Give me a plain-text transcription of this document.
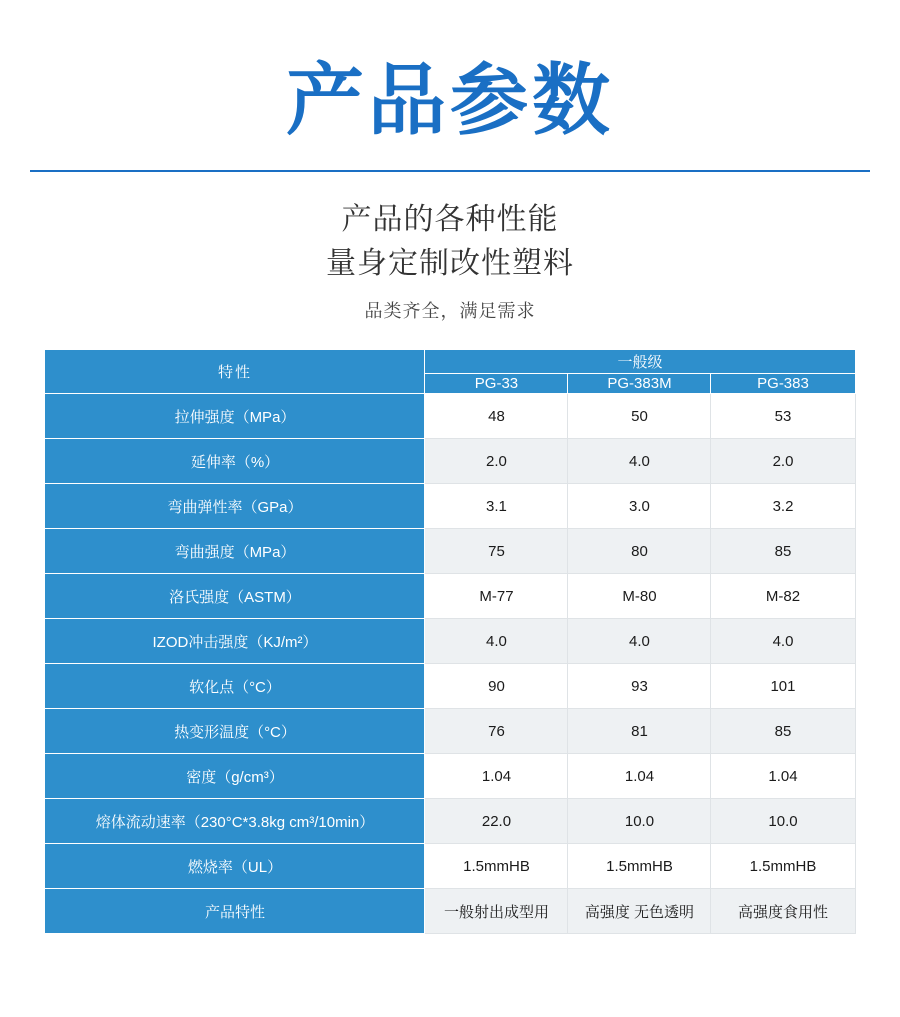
产品参数
产品的各种性能
量身定制改性塑料
品类齐全，满足需求
特性	一般级		
	PG-33	PG-383M	PG-383
拉伸强度（MPa）	48	50	53
延伸率（%）	2.0	4.0	2.0
弯曲弹性率（GPa）	3.1	3.0	3.2
弯曲强度（MPa）	75	80	85
洛氏强度（ASTM）	M-77	M-80	M-82
IZOD冲击强度（KJ/m²）	4.0	4.0	4.0
软化点（°C）	90	93	101
热变形温度（°C）	76	81	85
密度（g/cm³）	1.04	1.04	1.04
熔体流动速率（230°C*3.8kg cm³/10min）	22.0	10.0	10.0
燃烧率（UL）	1.5mmHB	1.5mmHB	1.5mmHB
产品特性	一般射出成型用	高强度 无色透明	高强度食用性
